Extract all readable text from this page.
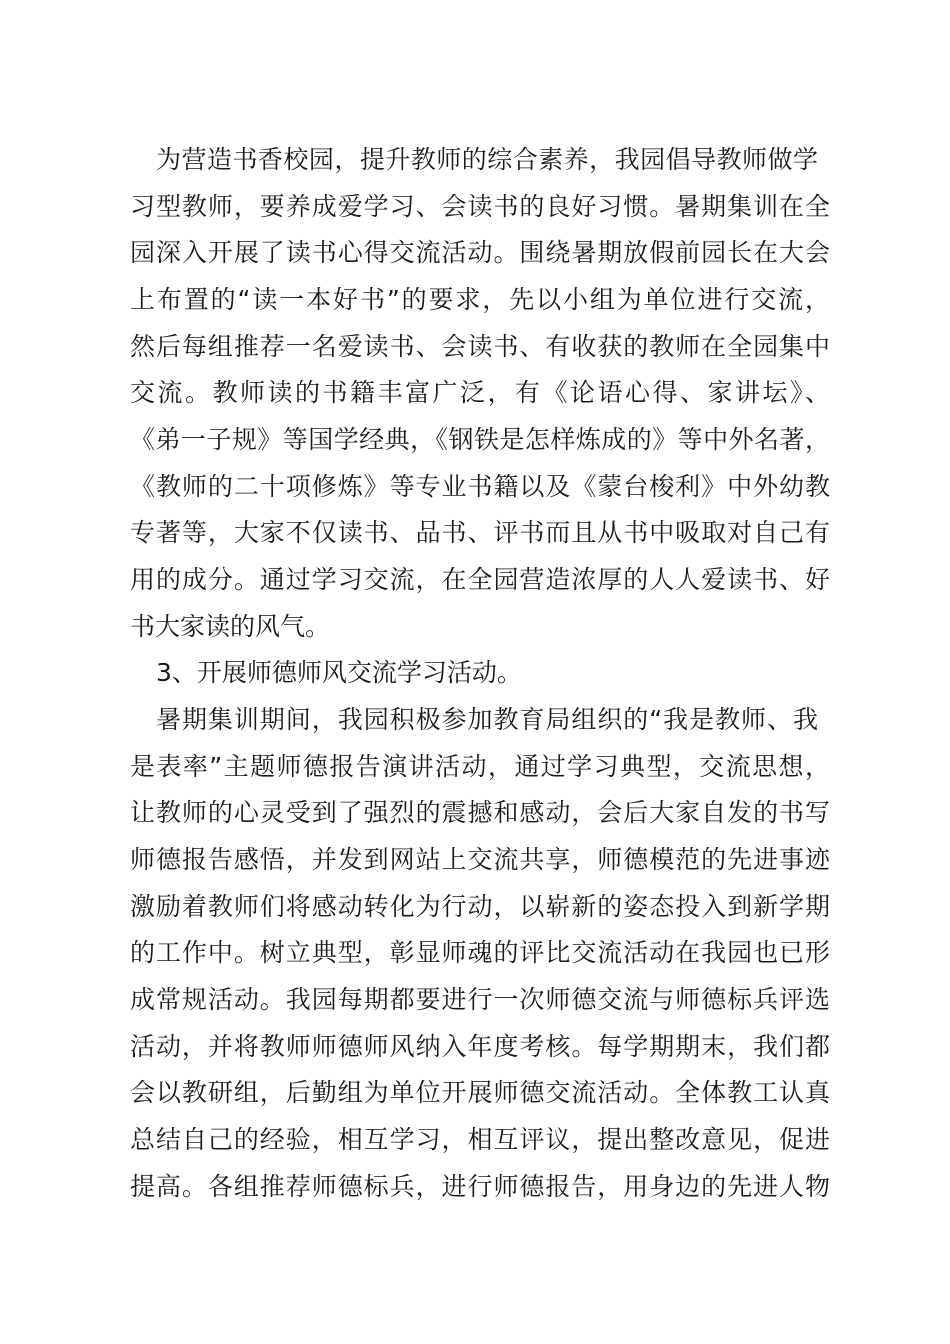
为营造书香校园，提升教师的综合素养，我园倡导教师做学
习型教师，要养成爱学习、会读书的良好习惯。暑期集训在全
园深入开展了读书心得交流活动。围绕暑期放假前园长在大会
上布置的“读一本好书”的要求，先以小组为单位进行交流，
然后每组推荐一名爱读书、会读书、有收获的教师在全园集中
交流。教师读的书籍丰富广泛，有《论语心得、家讲坛》、
《弟一子规》等国学经典，《钢铁是怎样炼成的》等中外名著，
《教师的二十项修炼》等专业书籍以及《蒙台梭利》中外幼教
专著等，大家不仅读书、品书、评书而且从书中吸取对自己有
用的成分。通过学习交流，在全园营造浓厚的人人爱读书、好
书大家读的风气。
3、开展师德师风交流学习活动。
暑期集训期间，我园积极参加教育局组织的“我是教师、我
是表率”主题师德报告演讲活动，通过学习典型，交流思想，
让教师的心灵受到了强烈的震撼和感动，会后大家自发的书写
师德报告感悟，并发到网站上交流共享，师德模范的先进事迹
激励着教师们将感动转化为行动，以崭新的姿态投入到新学期
的工作中。树立典型，彰显师魂的评比交流活动在我园也已形
成常规活动。我园每期都要进行一次师德交流与师德标兵评选
活动，并将教师师德师风纳入年度考核。每学期期末，我们都
会以教研组，后勤组为单位开展师德交流活动。全体教工认真
总结自己的经验，相互学习，相互评议，提出整改意见，促进
提高。各组推荐师德标兵，进行师德报告，用身边的先进人物
